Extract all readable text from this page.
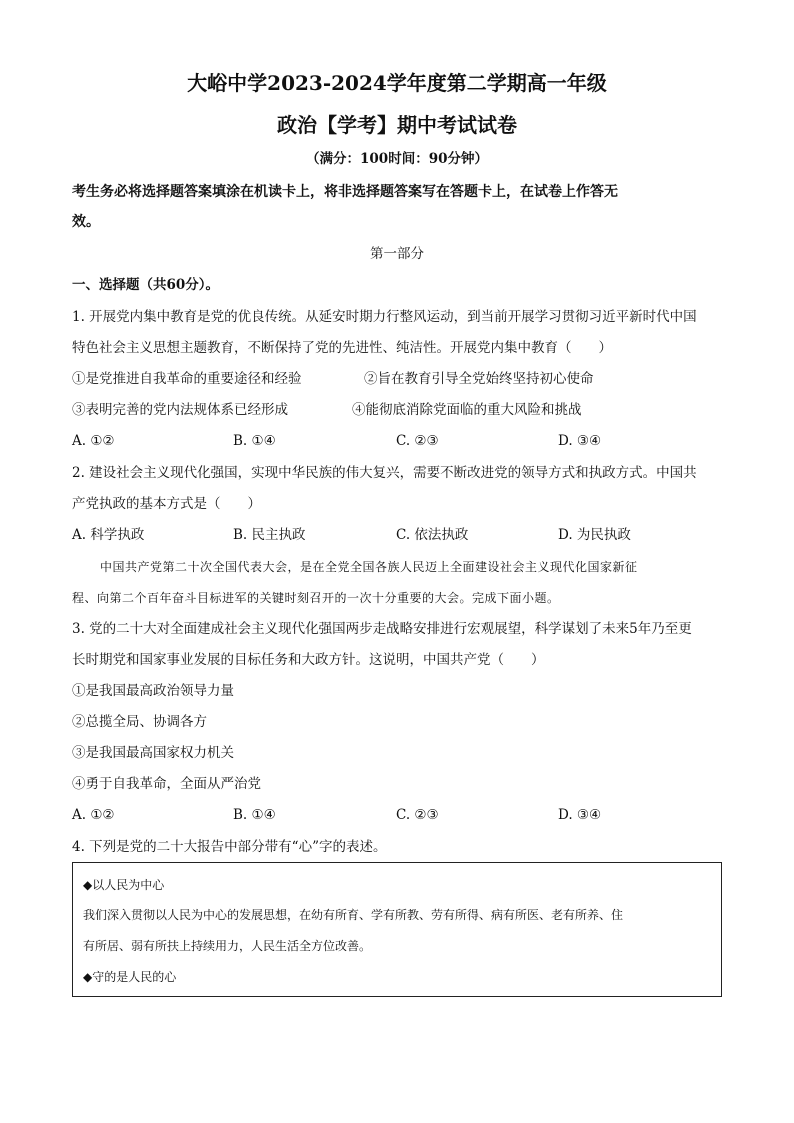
大峪中学2023-2024学年度第二学期高一年级
政治【学考】期中考试试卷
（满分：100时间：90分钟）
考生务必将选择题答案填涂在机读卡上，将非选择题答案写在答题卡上，在试卷上作答无
效。
第一部分
一、选择题（共60分）。
1. 开展党内集中教育是党的优良传统。从延安时期力行整风运动，到当前开展学习贯彻习近平新时代中国
特色社会主义思想主题教育，不断保持了党的先进性、纯洁性。开展党内集中教育（　　）
①是党推进自我革命的重要途径和经验	②旨在教育引导全党始终坚持初心使命
③表明完善的党内法规体系已经形成	④能彻底消除党面临的重大风险和挑战
A. ①②	B. ①④	C. ②③	D. ③④
2. 建设社会主义现代化强国，实现中华民族的伟大复兴，需要不断改进党的领导方式和执政方式。中国共
产党执政的基本方式是（　　）
A. 科学执政	B. 民主执政	C. 依法执政	D. 为民执政
中国共产党第二十次全国代表大会，是在全党全国各族人民迈上全面建设社会主义现代化国家新征
程、向第二个百年奋斗目标进军的关键时刻召开的一次十分重要的大会。完成下面小题。
3. 党的二十大对全面建成社会主义现代化强国两步走战略安排进行宏观展望，科学谋划了未来5年乃至更
长时期党和国家事业发展的目标任务和大政方针。这说明，中国共产党（　　）
①是我国最高政治领导力量
②总揽全局、协调各方
③是我国最高国家权力机关
④勇于自我革命，全面从严治党
A. ①②	B. ①④	C. ②③	D. ③④
4. 下列是党的二十大报告中部分带有“心”字的表述。
◆以人民为中心
我们深入贯彻以人民为中心的发展思想，在幼有所育、学有所教、劳有所得、病有所医、老有所养、住
有所居、弱有所扶上持续用力，人民生活全方位改善。
◆守的是人民的心
